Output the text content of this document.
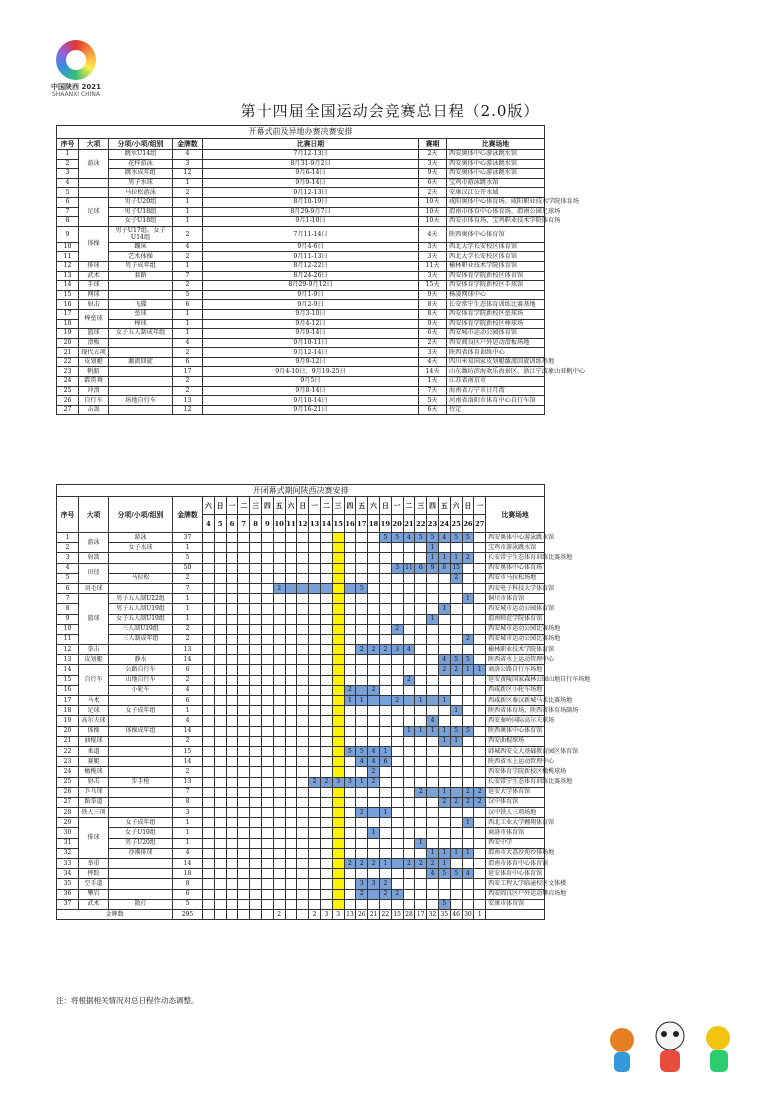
中国陕西 2021
SHAANXI CHINA
第十四届全国运动会竞赛总日程（2.0版）
开幕式前及异地办赛决赛安排						
序号	大项	分项/小项/组别	金牌数	比赛日期	赛期	比赛场地
1	游泳	跳水U14组	4	7月12-13日	2天	西安奥体中心游泳跳水馆
2		花样游泳	3	8月31-9月2日	3天	西安奥体中心游泳跳水馆
3		跳水成年组	12	9月6-14日	9天	西安奥体中心游泳跳水馆
4		男子水球	1	9月9-14日	6天	宝鸡市游泳跳水馆
5		马拉松游泳	2	9月12-13日	2天	安康汉江公开水域
6	足球	男子U20组	1	8月10-19日	10天	咸阳奥体中心体育场、咸阳职业技术学院体育场
7		男子U18组	1	8月29-9月7日	10天	渭南市体育中心体育场、渭南公园足球场
8		女子U18组	1	9月1-10日	10天	西安市体育场、宝鸡职业技术学院体育场
9	体操	男子U17组、女子U14组	2	7月11-14日	4天	陕西奥体中心体育馆
10		蹦床	4	9月4-6日	3天	西北大学长安校区体育馆
11		艺术体操	2	9月11-13日	3天	西北大学长安校区体育馆
12	排球	男子成年组	1	8月12-22日	11天	榆林职业技术学院体育馆
13	武术	套路	7	8月24-26日	3天	西安体育学院新校区体育馆
14	手球		2	8月29-9月12日	15天	西安体育学院新校区手球馆
15	网球		5	9月1-9日	9天	杨凌网球中心
16	射击	飞碟	6	9月2-9日	8天	长安常宁生态体育训练比赛基地
17	棒垒球	垒球	1	9月3-10日	8天	西安体育学院新校区垒球场
18		棒球	1	9月4-12日	9天	西安体育学院新校区棒球场
19	篮球	女子五人制成年组	1	9月9-14日	6天	西安城市运动公园体育馆
20	滑板		4	9月10-11日	2天	西安阎良区户外运动滑板场地
21	现代五项		2	9月12-14日	3天	陕西省体育训练中心
22	皮划艇	激流回旋	6	9月9-12日	4天	四川米易国家皮划艇激流回旋训练基地
23	帆船		17	9月4-10日、9月19-25日	14天	山东潍坊滨海欢乐海景区、浙江宁波象山亚帆中心
24	霹雳舞		2	9月5日	1天	江苏省南京市
25	冲浪		2	9月8-14日	7天	海南省万宁市日月湾
26	自行车	场地自行车	13	9月10-14日	5天	河南省洛阳市体育中心自行车馆
27	击剑		12	9月16-21日	6天	待定
开闭幕式期间陕西决赛安排																												
序号	大项	分项/小项/组别	金牌数	六	日	一	二	三	四	五	六	日	一	二	三	四	五	六	日	一	二	三	四	五	六	日	一	比赛场地
				4	5	6	7	8	9	10	11	12	13	14	15	16	17	18	19	20	21	22	23	24	25	26	27	
1	游泳	游泳	37																5	5	4	5	5	4	5	5		西安奥体中心游泳跳水馆
2		女子水球	1																				1					宝鸡市游泳跳水馆
3	射箭		5																				1	1	1	2		长安常宁生态体育训练比赛基地
4	田径		50																	3	11	6	9	6	15			西安奥体中心体育场
5		马拉松	2																						2			西安市马拉松场地
6	羽毛球		7							2							5											西安电子科技大学体育馆
7	篮球	男子五人制U22组	1																							1		铜川市体育馆
8		男子五人制U19组	1																					1				西安城市运动公园体育馆
9		女子五人制U19组	1																				1					渭南师范学院体育馆
10		三人制U19组	2																	2								西安城市运动公园比赛场地
11		三人制成年组	2																							2		西安城市运动公园比赛场地
12	拳击		13														2	2	2	3	4							榆林职业技术学院体育馆
13	皮划艇	静水	14																					4	5	5		陕西省水上运动管理中心
14	自行车	公路自行车	6																					2	2	1	1	商洛公路自行车场地
15		山地自行车	2																		2							延安黄陵国家森林公园山地自行车场地
16		小轮车	4													2		2										西咸新区小轮车场地
17	马术		6													1	1			2		1		1				西咸新区秦汉新城马术比赛场地
18	足球	女子成年组	1																						1			陕西省体育场、陕西省体育场副场
19	高尔夫球		4																				4					西安秦岭国际高尔夫球场
20	体操	体操成年组	14																		1	1	1	1	5	5		陕西奥体中心体育馆
21	曲棍球		2																					1	1			西安曲棍球场
22	柔道		15													5	5	4	1									韩城西安交大基础教育园区体育馆
23	赛艇		14														4	4	6									陕西省水上运动管理中心
24	橄榄球		2															2										西安体育学院新校区橄榄球场
25	射击	步手枪	13										2	2	3	3	1	2										长安常宁生态体育训练比赛基地
26	乒乓球		7																			2		1		2	2	延安大学体育馆
27	跆拳道		8																					2	2	2	2	汉中体育馆
28	铁人三项		3														2		1									汉中铁人三项场地
29	排球	女子成年组	1																							1		西北工业大学翱翔体育馆
30		女子U19组	1															1										商洛市体育馆
31		男子U20组	1																			1						西安中学
32		沙滩排球	4																				1	1	1	1		渭南市大荔沙苑沙排场地
33	举重		14													2	2	2	1		2	2	2	1				渭南市体育中心体育馆
34	摔跤		18																				4	5	5	4		延安体育中心体育馆
35	空手道		8														3	3	2									西安工程大学临潼校区文体楼
36	攀岩		6														2		2	2								西安阎良区户外运动攀岩场地
37	武术	散打	5																					5				安康市体育馆
金牌数			295							2			2	3	3	13	26	21	22	15	28	17	32	35	46	30	1	
注：将根据相关情况对总日程作动态调整。
